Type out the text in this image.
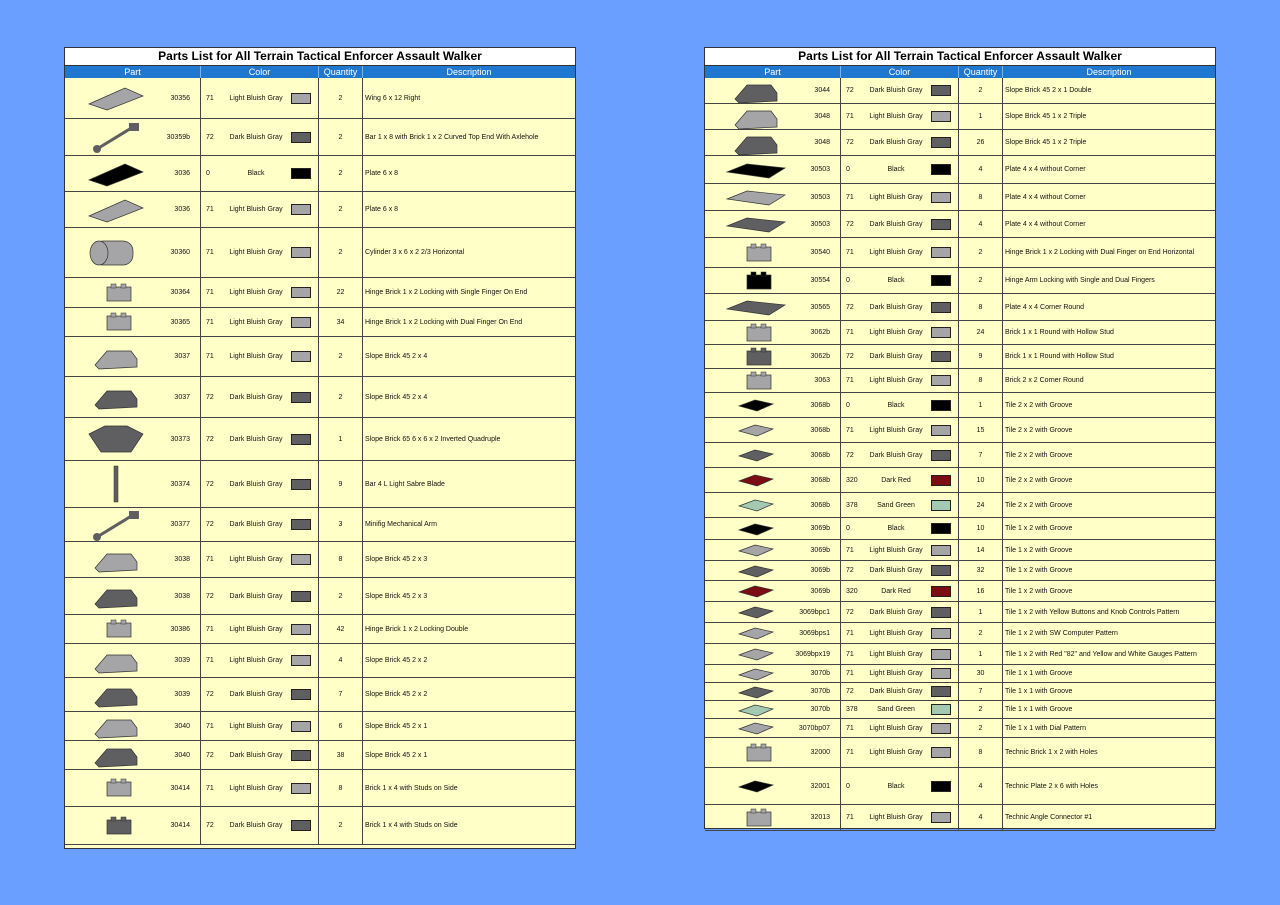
Parts List for All Terrain Tactical Enforcer Assault Walker
Part	Color	Quantity	Description
30356 71	Light Bluish Gray	2	Wing 6 x 12 Right
30359b 72	Dark Bluish Gray	2	Bar 1 x 8 with Brick 1 x 2 Curved Top End With Axlehole
3036 0	Black	2	Plate 6 x 8
3036 71	Light Bluish Gray	2	Plate 6 x 8
30360 71	Light Bluish Gray	2	Cylinder 3 x 6 x 2 2/3 Horizontal
30364 71	Light Bluish Gray	22	Hinge Brick 1 x 2 Locking with Single Finger On End
30365 71	Light Bluish Gray	34	Hinge Brick 1 x 2 Locking with Dual Finger On End
3037 71	Light Bluish Gray	2	Slope Brick 45 2 x 4
3037 72	Dark Bluish Gray	2	Slope Brick 45 2 x 4
30373 72	Dark Bluish Gray	1	Slope Brick 65 6 x 6 x 2 Inverted Quadruple
30374 72	Dark Bluish Gray	9	Bar 4 L Light Sabre Blade
30377 72	Dark Bluish Gray	3	Minifig Mechanical Arm
3038 71	Light Bluish Gray	8	Slope Brick 45 2 x 3
3038 72	Dark Bluish Gray	2	Slope Brick 45 2 x 3
30386 71	Light Bluish Gray	42	Hinge Brick 1 x 2 Locking Double
3039 71	Light Bluish Gray	4	Slope Brick 45 2 x 2
3039 72	Dark Bluish Gray	7	Slope Brick 45 2 x 2
3040 71	Light Bluish Gray	6	Slope Brick 45 2 x 1
3040 72	Dark Bluish Gray	38	Slope Brick 45 2 x 1
30414 71	Light Bluish Gray	8	Brick 1 x 4 with Studs on Side
30414 72	Dark Bluish Gray	2	Brick 1 x 4 with Studs on Side
Parts List for All Terrain Tactical Enforcer Assault Walker
Part	Color	Quantity	Description
3044 72	Dark Bluish Gray	2	Slope Brick 45 2 x 1 Double
3048 71	Light Bluish Gray	1	Slope Brick 45 1 x 2 Triple
3048 72	Dark Bluish Gray	26	Slope Brick 45 1 x 2 Triple
30503 0	Black	4	Plate 4 x 4 without Corner
30503 71	Light Bluish Gray	8	Plate 4 x 4 without Corner
30503 72	Dark Bluish Gray	4	Plate 4 x 4 without Corner
30540 71	Light Bluish Gray	2	Hinge Brick 1 x 2 Locking with Dual Finger on End Horizontal
30554 0	Black	2	Hinge Arm Locking with Single and Dual Fingers
30565 72	Dark Bluish Gray	8	Plate 4 x 4 Corner Round
3062b 71	Light Bluish Gray	24	Brick 1 x 1 Round with Hollow Stud
3062b 72	Dark Bluish Gray	9	Brick 1 x 1 Round with Hollow Stud
3063 71	Light Bluish Gray	8	Brick 2 x 2 Corner Round
3068b 0	Black	1	Tile 2 x 2 with Groove
3068b 71	Light Bluish Gray	15	Tile 2 x 2 with Groove
3068b 72	Dark Bluish Gray	7	Tile 2 x 2 with Groove
3068b 320	Dark Red	10	Tile 2 x 2 with Groove
3068b 378	Sand Green	24	Tile 2 x 2 with Groove
3069b 0	Black	10	Tile 1 x 2 with Groove
3069b 71	Light Bluish Gray	14	Tile 1 x 2 with Groove
3069b 72	Dark Bluish Gray	32	Tile 1 x 2 with Groove
3069b 320	Dark Red	16	Tile 1 x 2 with Groove
3069bpc1 72	Dark Bluish Gray	1	Tile 1 x 2 with Yellow Buttons and Knob Controls Pattern
3069bps1 71	Light Bluish Gray	2	Tile 1 x 2 with SW Computer Pattern
3069bpx19 71	Light Bluish Gray	1	Tile 1 x 2 with Red "82" and Yellow and White Gauges Pattern
3070b 71	Light Bluish Gray	30	Tile 1 x 1 with Groove
3070b 72	Dark Bluish Gray	7	Tile 1 x 1 with Groove
3070b 378	Sand Green	2	Tile 1 x 1 with Groove
3070bp07 71	Light Bluish Gray	2	Tile 1 x 1 with Dial Pattern
32000 71	Light Bluish Gray	8	Technic Brick 1 x 2 with Holes
32001 0	Black	4	Technic Plate 2 x 6 with Holes
32013 71	Light Bluish Gray	4	Technic Angle Connector #1
